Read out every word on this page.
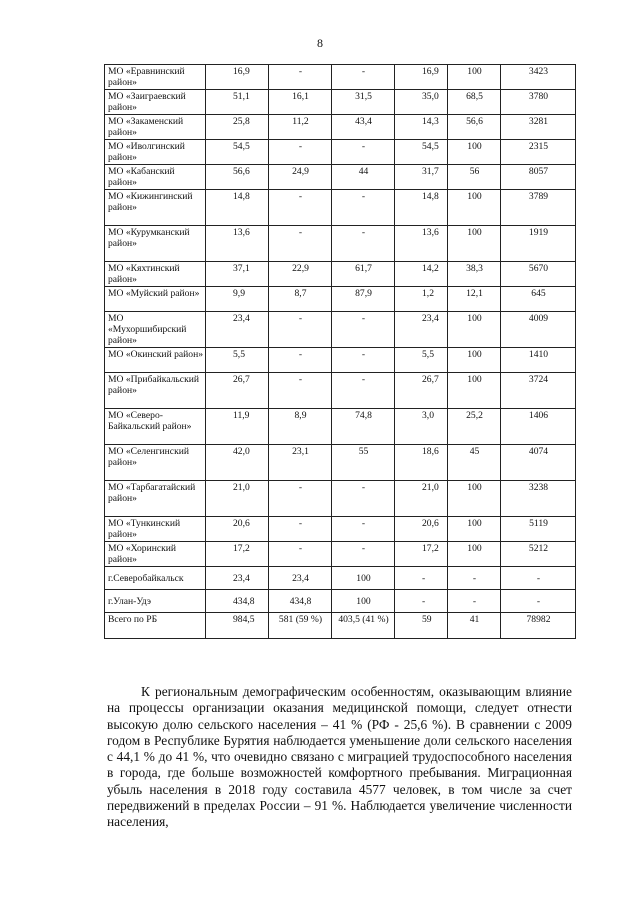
8
МО «Еравнинский район»	16,9	-	-	16,9	100	3423
МО «Заиграевский район»	51,1	16,1	31,5	35,0	68,5	3780
МО «Закаменский район»	25,8	11,2	43,4	14,3	56,6	3281
МО «Иволгинский район»	54,5	-	-	54,5	100	2315
МО «Кабанский район»	56,6	24,9	44	31,7	56	8057
МО «Кижингинский район»	14,8	-	-	14,8	100	3789
МО «Курумканский район»	13,6	-	-	13,6	100	1919
МО «Кяхтинский район»	37,1	22,9	61,7	14,2	38,3	5670
МО «Муйский район»	9,9	8,7	87,9	1,2	12,1	645
МО «Мухоршибирский район»	23,4	-	-	23,4	100	4009
МО «Окинский район»	5,5	-	-	5,5	100	1410
МО «Прибайкальский район»	26,7	-	-	26,7	100	3724
МО «Северо-Байкальский район»	11,9	8,9	74,8	3,0	25,2	1406
МО «Селенгинский район»	42,0	23,1	55	18,6	45	4074
МО «Тарбагатайский район»	21,0	-	-	21,0	100	3238
МО «Тункинский район»	20,6	-	-	20,6	100	5119
МО «Хоринский район»	17,2	-	-	17,2	100	5212
г.Северобайкальск	23,4	23,4	100	-	-	-
г.Улан-Удэ	434,8	434,8	100	-	-	-
Всего по РБ	984,5	581 (59 %)	403,5 (41 %)	59	41	78982

К региональным демографическим особенностям, оказывающим влияние на процессы организации оказания медицинской помощи, следует отнести высокую долю сельского населения – 41 % (РФ - 25,6 %). В сравнении с 2009 годом в Республике Бурятия наблюдается уменьшение доли сельского населения с 44,1 % до 41 %, что очевидно связано с миграцией трудоспособного населения в города, где больше возможностей комфортного пребывания. Миграционная убыль населения в 2018 году составила 4577 человек, в том числе за счет передвижений в пределах России – 91 %. Наблюдается увеличение численности населения,
